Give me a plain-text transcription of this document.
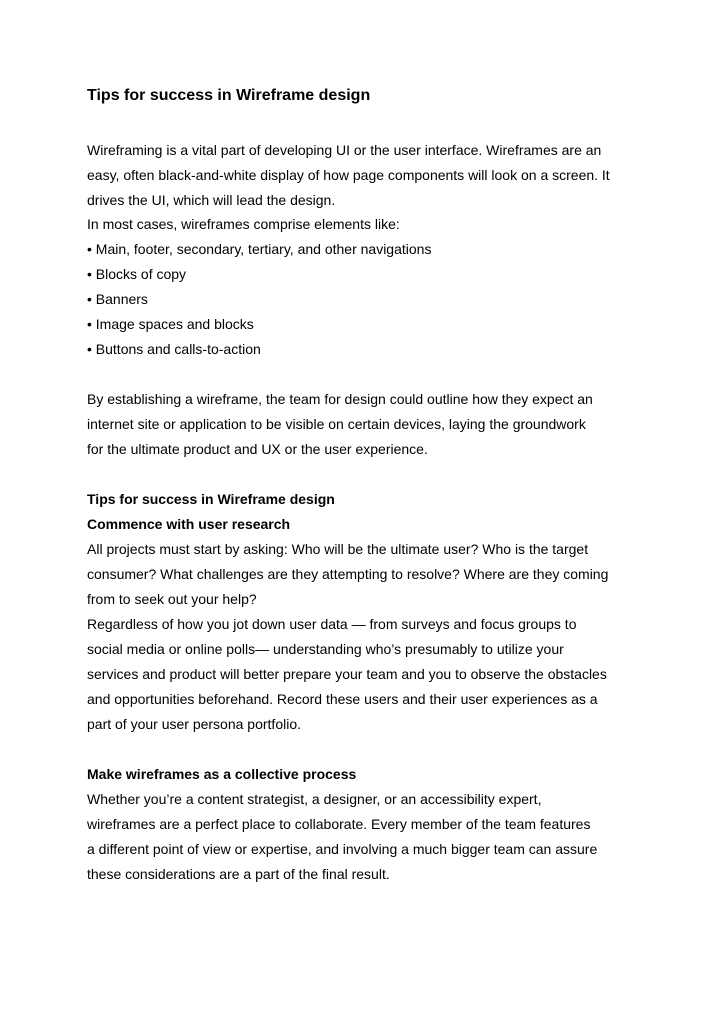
Tips for success in Wireframe design
Wireframing is a vital part of developing UI or the user interface. Wireframes are an
easy, often black-and-white display of how page components will look on a screen. It
drives the UI, which will lead the design.
In most cases, wireframes comprise elements like:
• Main, footer, secondary, tertiary, and other navigations
• Blocks of copy
• Banners
• Image spaces and blocks
• Buttons and calls-to-action
By establishing a wireframe, the team for design could outline how they expect an
internet site or application to be visible on certain devices, laying the groundwork
for the ultimate product and UX or the user experience.
Tips for success in Wireframe design
Commence with user research
All projects must start by asking: Who will be the ultimate user? Who is the target
consumer? What challenges are they attempting to resolve? Where are they coming
from to seek out your help?
Regardless of how you jot down user data — from surveys and focus groups to
social media or online polls— understanding who’s presumably to utilize your
services and product will better prepare your team and you to observe the obstacles
and opportunities beforehand. Record these users and their user experiences as a
part of your user persona portfolio.
Make wireframes as a collective process
Whether you’re a content strategist, a designer, or an accessibility expert,
wireframes are a perfect place to collaborate. Every member of the team features
a different point of view or expertise, and involving a much bigger team can assure
these considerations are a part of the final result.
